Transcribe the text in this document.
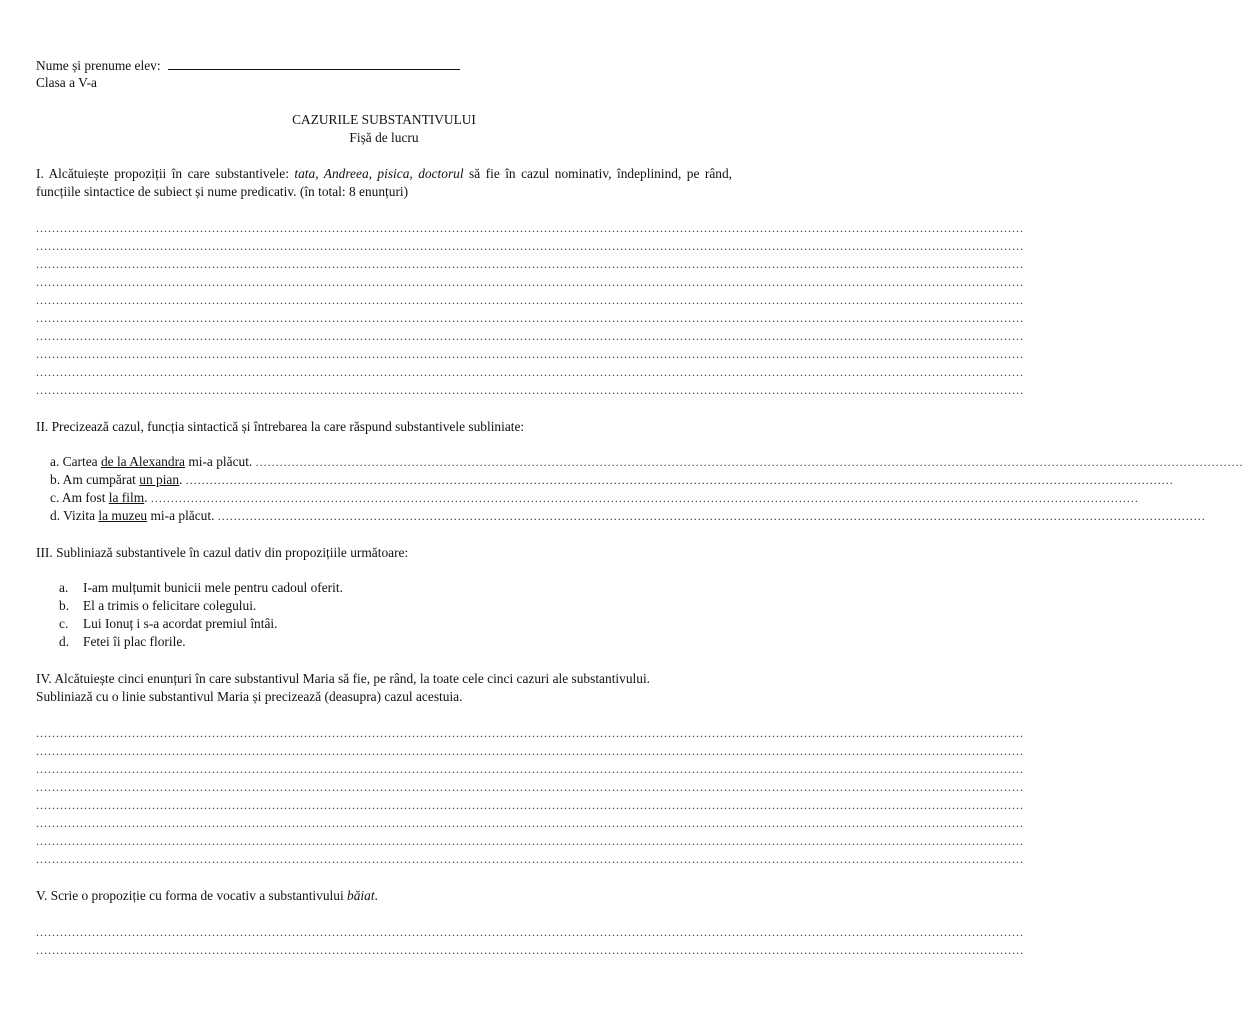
Nume și prenume elev:
Clasa a V-a
CAZURILE SUBSTANTIVULUI
Fișă de lucru
I. Alcătuiește propoziții în care substantivele: tata, Andreea, pisica, doctorul să fie în cazul nominativ, îndeplinind, pe rând, funcțiile sintactice de subiect și nume predicativ. (în total: 8 enunțuri)
.......................................................................................................................................................................................................................................................
.......................................................................................................................................................................................................................................................
.......................................................................................................................................................................................................................................................
.......................................................................................................................................................................................................................................................
.......................................................................................................................................................................................................................................................
.......................................................................................................................................................................................................................................................
.......................................................................................................................................................................................................................................................
.......................................................................................................................................................................................................................................................
.......................................................................................................................................................................................................................................................
.......................................................................................................................................................................................................................................................
II. Precizează cazul, funcția sintactică și întrebarea la care răspund substantivele subliniate:
a. Cartea de la Alexandra mi-a plăcut. .......................................................................................................................................................................................................................................................
b. Am cumpărat un pian. .......................................................................................................................................................................................................................................................
c. Am fost la film. .......................................................................................................................................................................................................................................................
d. Vizita la muzeu mi-a plăcut. .......................................................................................................................................................................................................................................................
III. Subliniază substantivele în cazul dativ din propozițiile următoare:
a. I-am mulțumit bunicii mele pentru cadoul oferit.
b. El a trimis o felicitare colegului.
c. Lui Ionuț i s-a acordat premiul întâi.
d. Fetei îi plac florile.
IV. Alcătuiește cinci enunțuri în care substantivul Maria să fie, pe rând, la toate cele cinci cazuri ale substantivului.
Subliniază cu o linie substantivul Maria și precizează (deasupra) cazul acestuia.
.......................................................................................................................................................................................................................................................
.......................................................................................................................................................................................................................................................
.......................................................................................................................................................................................................................................................
.......................................................................................................................................................................................................................................................
.......................................................................................................................................................................................................................................................
.......................................................................................................................................................................................................................................................
.......................................................................................................................................................................................................................................................
.......................................................................................................................................................................................................................................................
V. Scrie o propoziție cu forma de vocativ a substantivului băiat.
.......................................................................................................................................................................................................................................................
.......................................................................................................................................................................................................................................................
